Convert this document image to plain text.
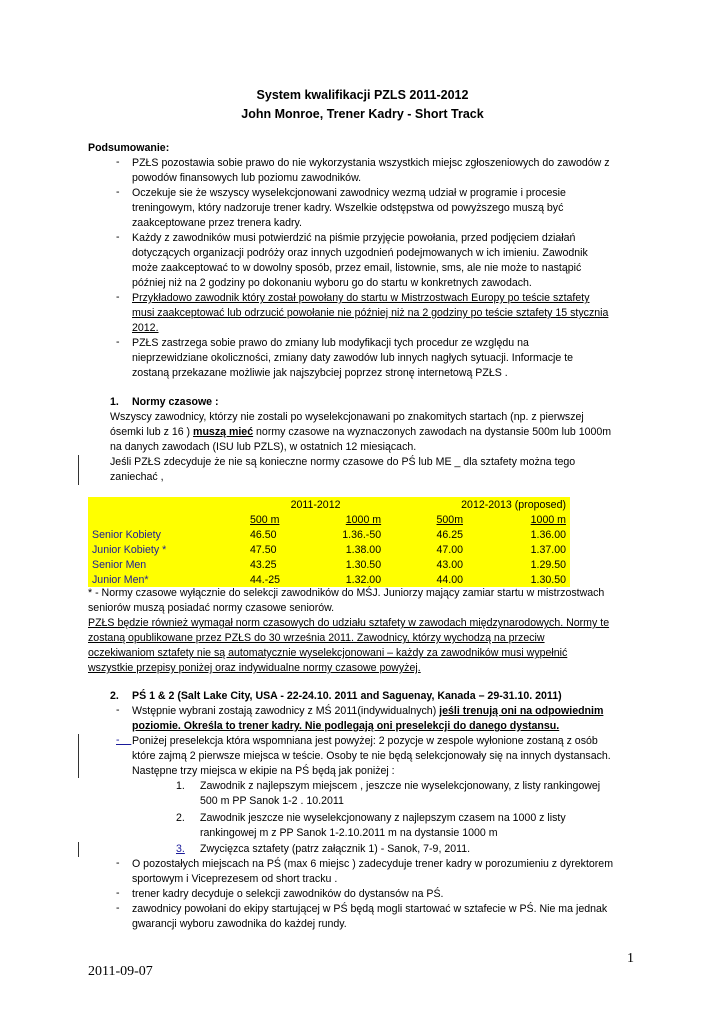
System kwalifikacji PZLS 2011-2012
John Monroe, Trener Kadry - Short Track
Podsumowanie:
- PZŁS pozostawia sobie prawo do nie wykorzystania wszystkich miejsc zgłoszeniowych do zawodów z
powodów finansowych lub poziomu zawodników.
- Oczekuje sie że wszyscy wyselekcjonowani zawodnicy wezmą udział w programie i procesie
treningowym, który nadzoruje trener kadry. Wszelkie odstępstwa od powyższego muszą być
zaakceptowane przez trenera kadry.
- Każdy z zawodników musi potwierdzić na piśmie przyjęcie powołania, przed podjęciem działań
dotyczących organizacji podróży oraz innych uzgodnień podejmowanych w ich imieniu. Zawodnik
może zaakceptować to w dowolny sposób, przez email, listownie, sms, ale nie może to nastąpić
później niż na 2 godziny po dokonaniu wyboru go do startu w konkretnych zawodach.
- Przykładowo zawodnik który został powołany do startu w Mistrzostwach Europy po teście sztafety
musi zaakceptować lub odrzucić powołanie nie później niż na 2 godziny po teście sztafety 15 stycznia
2012.
- PZŁS zastrzega sobie prawo do zmiany lub modyfikacji tych procedur ze względu na
nieprzewidziane okoliczności, zmiany daty zawodów lub innych nagłych sytuacji. Informacje te
zostaną przekazane możliwie jak najszybciej poprzez stronę internetową PZŁS .
1. Normy czasowe :
Wszyscy zawodnicy, którzy nie zostali po wyselekcjonawani po znakomitych startach (np. z pierwszej
ósemki lub z 16 ) muszą mieć normy czasowe na wyznaczonych zawodach na dystansie 500m lub 1000m
na danych zawodach (ISU lub PZLS), w ostatnich 12 miesiącach.
Jeśli PZŁS zdecyduje że nie są konieczne normy czasowe do PŚ lub ME _ dla sztafety można tego
zaniechać ,
	2011-2012		2012-2013 (proposed)	
	500 m	1000 m	500m	1000 m
Senior Kobiety	46.50	1.36.-50	46.25	1.36.00
Junior Kobiety *	47.50	1.38.00	47.00	1.37.00
Senior Men	43.25	1.30.50	43.00	1.29.50
Junior Men*	44.-25	1.32.00	44.00	1.30.50
* - Normy czasowe wyłącznie do selekcji zawodników do MŚJ. Juniorzy mający zamiar startu w mistrzostwach
seniorów muszą posiadać normy czasowe seniorów.
PZŁS będzie również wymagał norm czasowych do udziału sztafety w zawodach międzynarodowych. Normy te
zostaną opublikowane przez PZŁS do 30 września 2011. Zawodnicy, którzy wychodzą na przeciw
oczekiwaniom sztafety nie są automatycznie wyselekcjonowani – każdy za zawodników musi wypełnić
wszystkie przepisy poniżej oraz indywidualne normy czasowe powyżej.
2. PŚ 1 & 2 (Salt Lake City, USA - 22-24.10. 2011 and Saguenay, Kanada – 29-31.10. 2011)
- Wstępnie wybrani zostają zawodnicy z MŚ 2011(indywidualnych) jeśli trenują oni na odpowiednim
poziomie. Określa to trener kadry. Nie podlegają oni preselekcji do danego dystansu.
- Poniżej preselekcja która wspomniana jest powyżej: 2 pozycje w zespole wyłonione zostaną z osób
które zajmą 2 pierwsze miejsca w teście. Osoby te nie będą selekcjonowały się na innych dystansach.
Następne trzy miejsca w ekipie na PŚ będą jak poniżej :
1. Zawodnik z najlepszym miejscem , jeszcze nie wyselekcjonowany, z listy rankingowej
500 m PP Sanok 1-2 . 10.2011
2. Zawodnik jeszcze nie wyselekcjonowany z najlepszym czasem na 1000 z listy
rankingowej m z PP Sanok 1-2.10.2011 m na dystansie 1000 m
3. Zwycięzca sztafety (patrz załącznik 1) - Sanok, 7-9, 2011.
- O pozostałych miejscach na PŚ (max 6 miejsc ) zadecyduje trener kadry w porozumieniu z dyrektorem
sportowym i Viceprezesem od short tracku .
- trener kadry decyduje o selekcji zawodników do dystansów na PŚ.
- zawodnicy powołani do ekipy startującej w PŚ będą mogli startować w sztafecie w PŚ. Nie ma jednak
gwarancji wyboru zawodnika do każdej rundy.
1
2011-09-07
